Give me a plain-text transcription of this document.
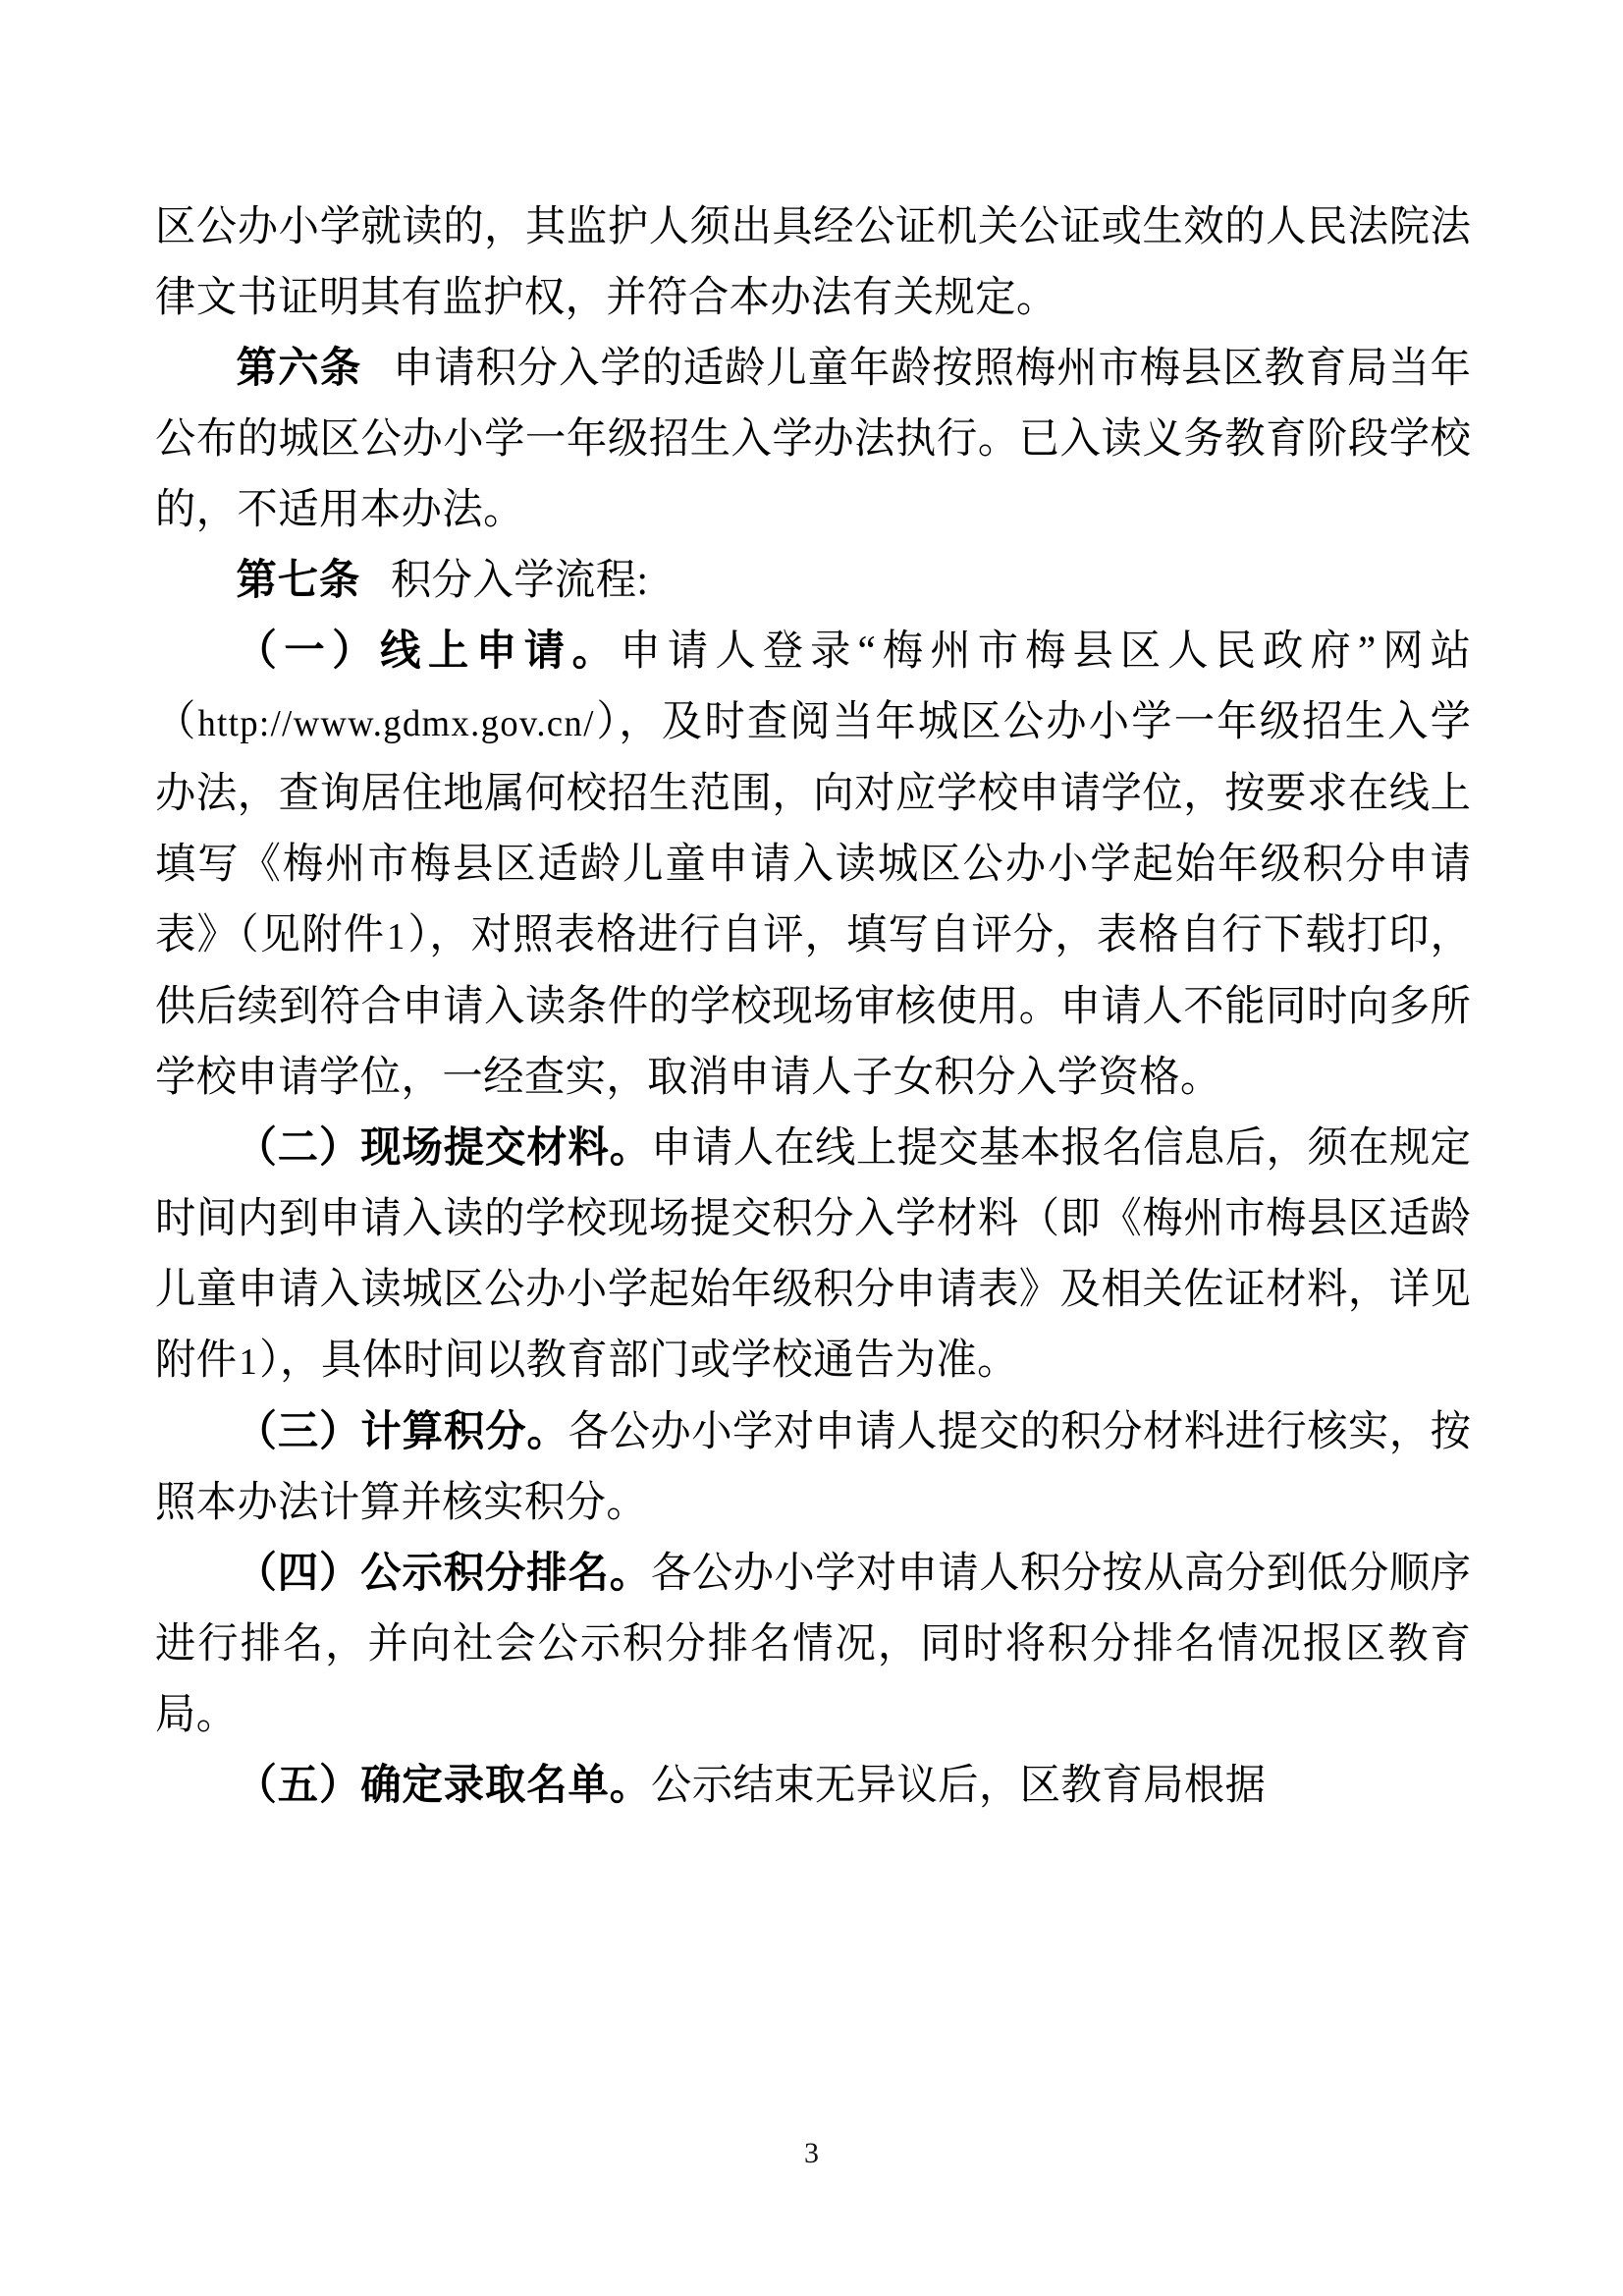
区公办小学就读的，其监护人须出具经公证机关公证或生效的人民法院法律文书证明其有监护权，并符合本办法有关规定。

第六条 申请积分入学的适龄儿童年龄按照梅州市梅县区教育局当年公布的城区公办小学一年级招生入学办法执行。已入读义务教育阶段学校的，不适用本办法。

第七条 积分入学流程:

（一）线上申请。申请人登录“梅州市梅县区人民政府”网站（http://www.gdmx.gov.cn/），及时查阅当年城区公办小学一年级招生入学办法，查询居住地属何校招生范围，向对应学校申请学位，按要求在线上填写《梅州市梅县区适龄儿童申请入读城区公办小学起始年级积分申请表》（见附件1），对照表格进行自评，填写自评分，表格自行下载打印，供后续到符合申请入读条件的学校现场审核使用。申请人不能同时向多所学校申请学位，一经查实，取消申请人子女积分入学资格。

（二）现场提交材料。申请人在线上提交基本报名信息后，须在规定时间内到申请入读的学校现场提交积分入学材料（即《梅州市梅县区适龄儿童申请入读城区公办小学起始年级积分申请表》及相关佐证材料，详见附件1），具体时间以教育部门或学校通告为准。

（三）计算积分。各公办小学对申请人提交的积分材料进行核实，按照本办法计算并核实积分。

（四）公示积分排名。各公办小学对申请人积分按从高分到低分顺序进行排名，并向社会公示积分排名情况，同时将积分排名情况报区教育局。

（五）确定录取名单。公示结束无异议后，区教育局根据

3
